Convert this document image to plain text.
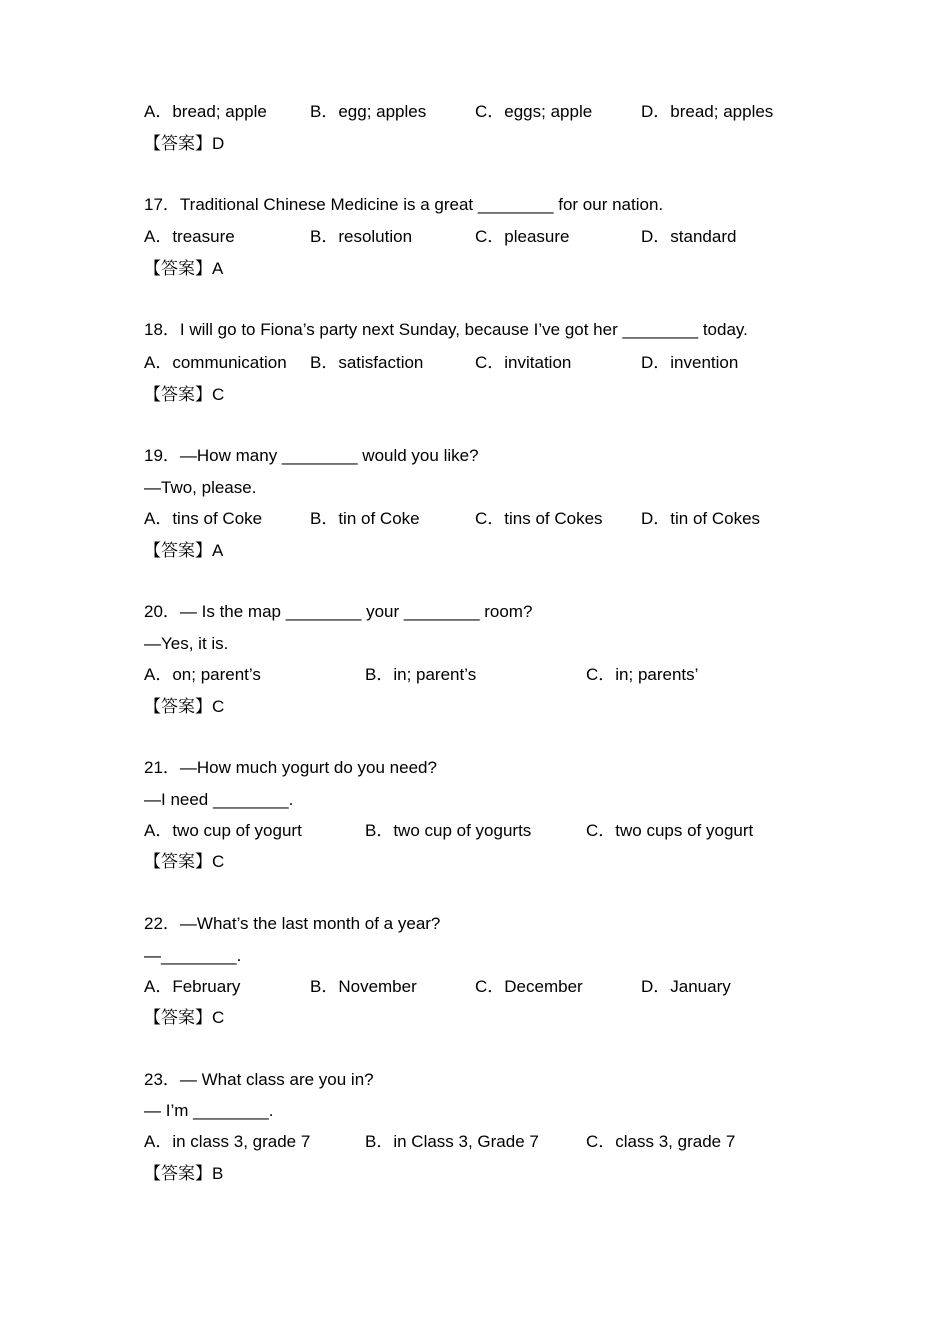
A．bread; apple	B．egg; apples	C．eggs; apple	D．bread; apples
【答案】D
17．Traditional Chinese Medicine is a great ________ for our nation.
A．treasure	B．resolution	C．pleasure	D．standard
【答案】A
18．I will go to Fiona’s party next Sunday, because I’ve got her ________ today.
A．communication B．satisfaction	C．invitation	D．invention
【答案】C
19．—How many ________ would you like?
—Two, please.
A．tins of Coke	B．tin of Coke	C．tins of Cokes D．tin of Cokes
【答案】A
20．— Is the map ________ your ________ room?
—Yes, it is.
A．on; parent’s	B．in; parent’s	C．in; parents’
【答案】C
21．—How much yogurt do you need?
—I need ________.
A．two cup of yogurt	B．two cup of yogurts	C．two cups of yogurt
【答案】C
22．—What’s the last month of a year?
—________.
A．February	B．November	C．December	D．January
【答案】C
23．— What class are you in?
— I’m ________.
A．in class 3, grade 7	B．in Class 3, Grade 7	C．class 3, grade 7
【答案】B
